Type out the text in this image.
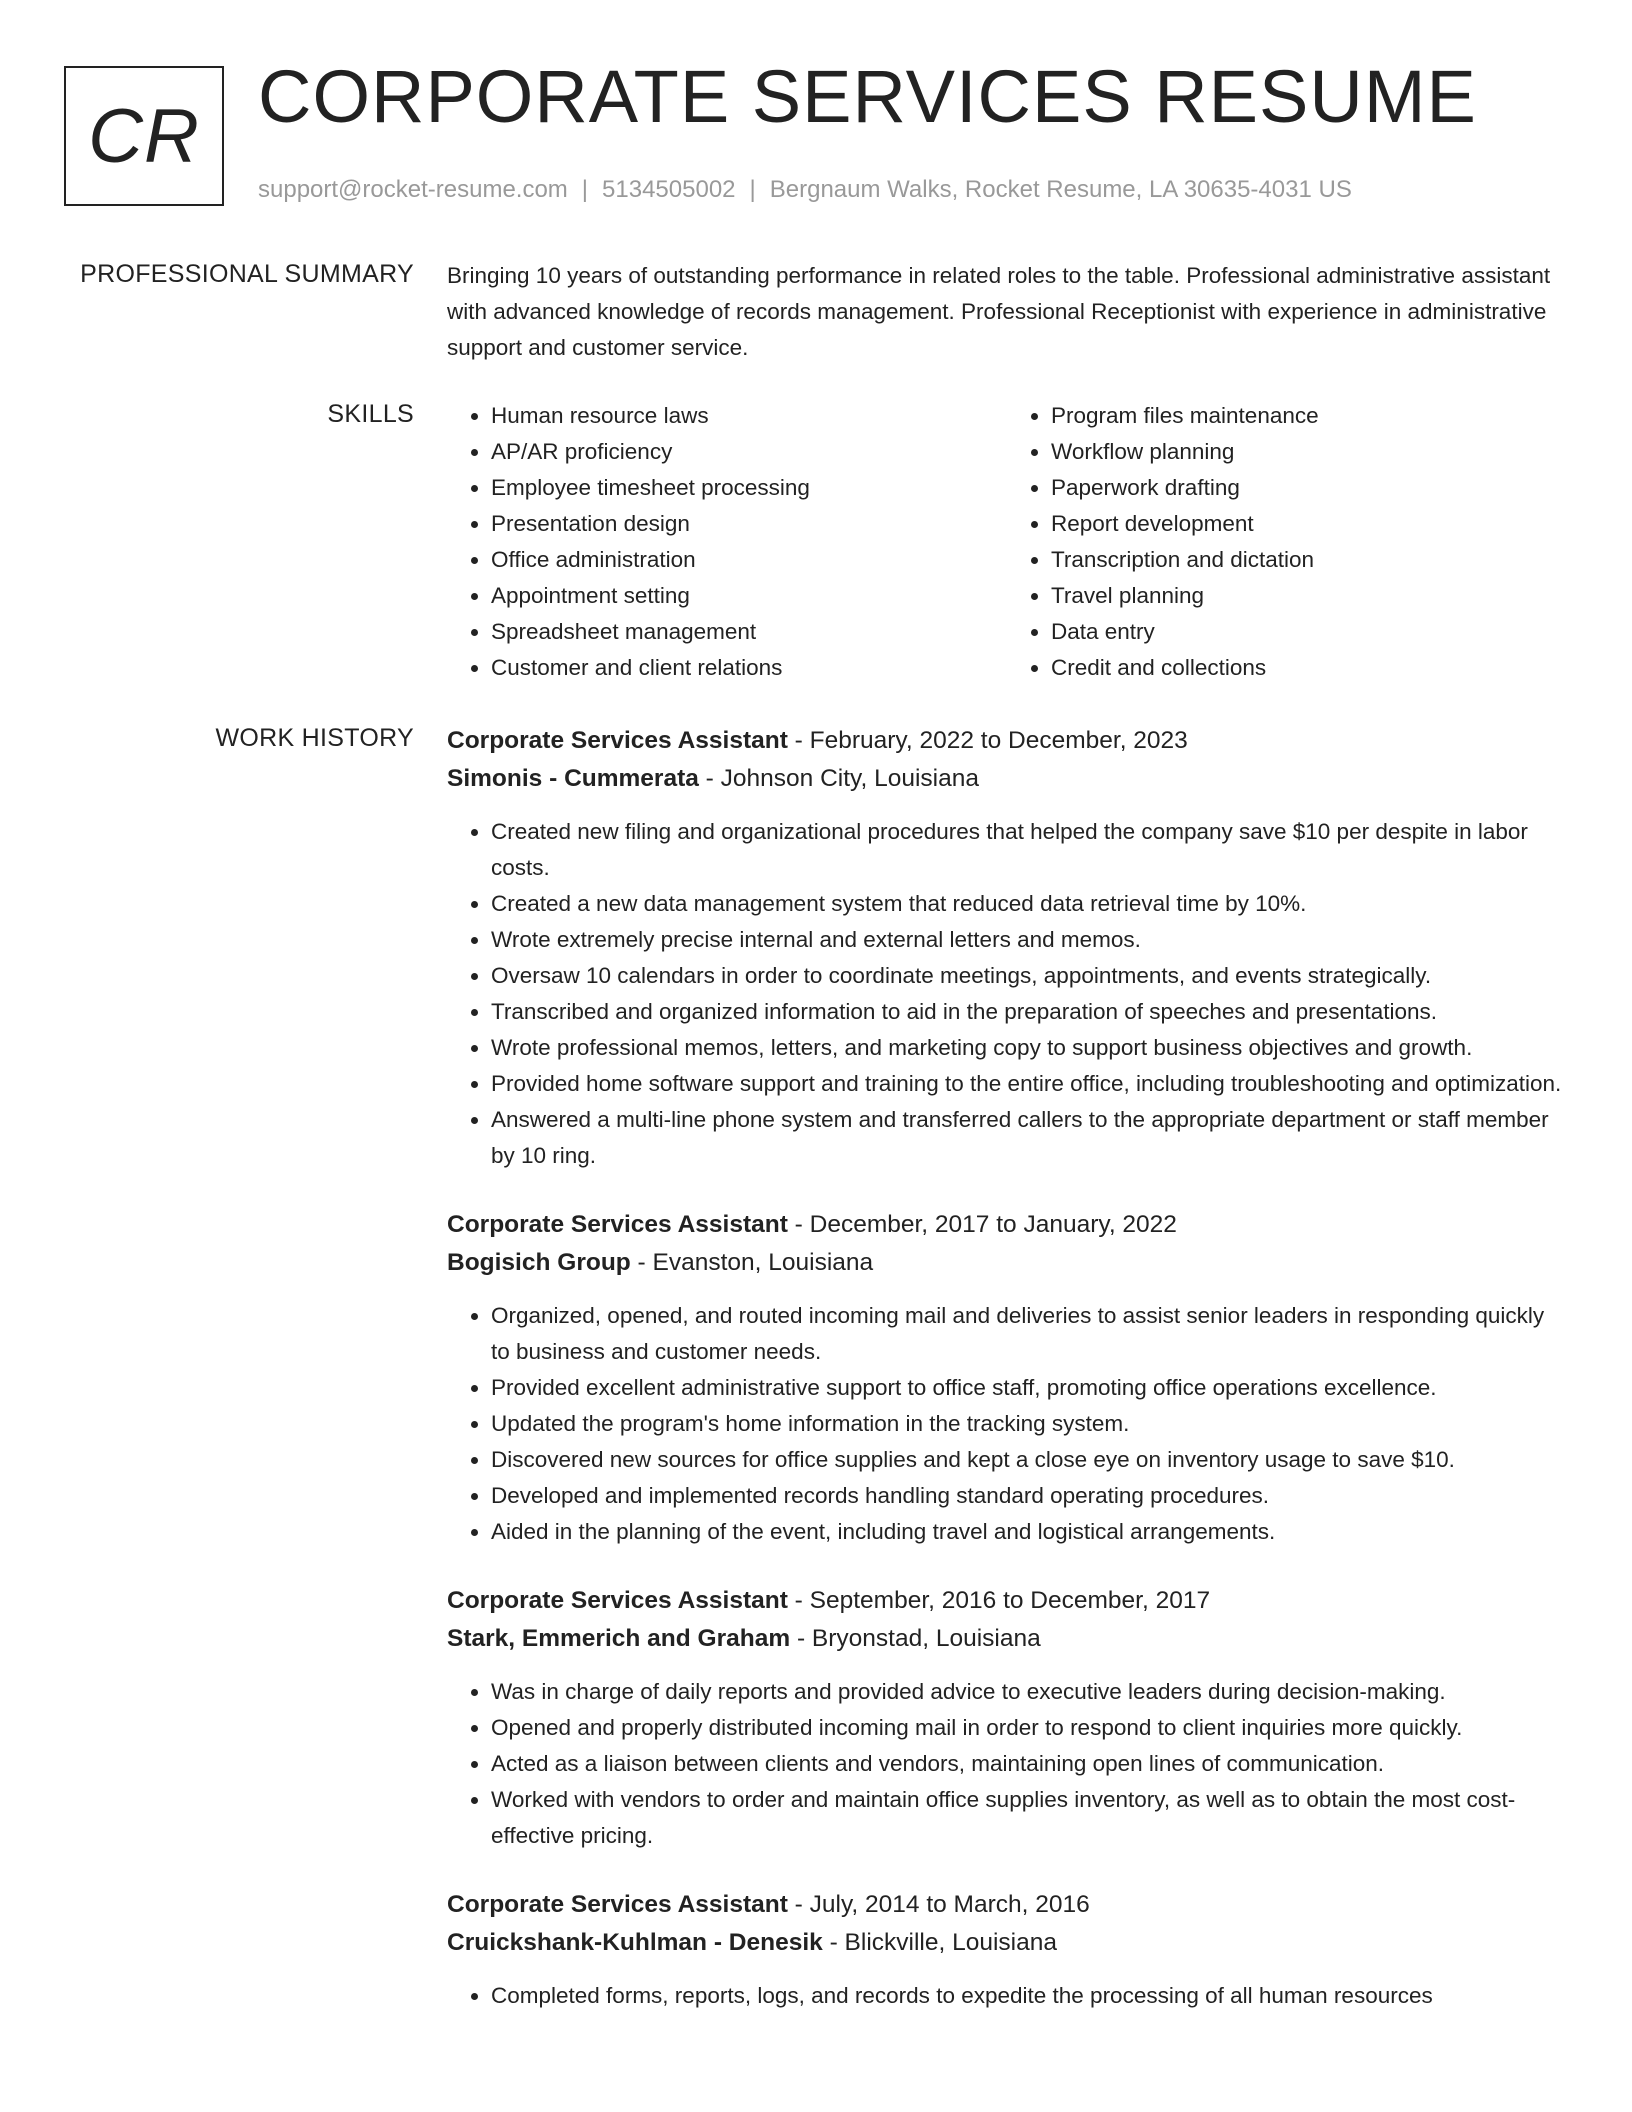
CR CORPORATE SERVICES RESUME
support@rocket-resume.com | 5134505002 | Bergnaum Walks, Rocket Resume, LA 30635-4031 US
PROFESSIONAL SUMMARY Bringing 10 years of outstanding performance in related roles to the table. Professional administrative assistant with advanced knowledge of records management. Professional Receptionist with experience in administrative support and customer service.
SKILLS
•	Human resource laws
• AP/AR proficiency
• Employee timesheet processing
• Presentation design
• Office administration
• Appointment setting
• Spreadsheet management
• Customer and client relations
• Program files maintenance
• Workflow planning
• Paperwork drafting
• Report development
• Transcription and dictation
• Travel planning
• Data entry
• Credit and collections
WORK HISTORY Corporate Services Assistant - February, 2022 to December, 2023
Simonis - Cummerata - Johnson City, Louisiana
• Created new filing and organizational procedures that helped the company save $10 per despite in labor costs.
• Created a new data management system that reduced data retrieval time by 10%.
• Wrote extremely precise internal and external letters and memos.
• Oversaw 10 calendars in order to coordinate meetings, appointments, and events strategically.
• Transcribed and organized information to aid in the preparation of speeches and presentations.
• Wrote professional memos, letters, and marketing copy to support business objectives and growth.
• Provided home software support and training to the entire office, including troubleshooting and optimization.
• Answered a multi-line phone system and transferred callers to the appropriate department or staff member by 10 ring.
Corporate Services Assistant - December, 2017 to January, 2022
Bogisich Group - Evanston, Louisiana
• Organized, opened, and routed incoming mail and deliveries to assist senior leaders in responding quickly to business and customer needs.
• Provided excellent administrative support to office staff, promoting office operations excellence.
• Updated the program's home information in the tracking system.
• Discovered new sources for office supplies and kept a close eye on inventory usage to save $10.
• Developed and implemented records handling standard operating procedures.
• Aided in the planning of the event, including travel and logistical arrangements.
Corporate Services Assistant - September, 2016 to December, 2017
Stark, Emmerich and Graham - Bryonstad, Louisiana
• Was in charge of daily reports and provided advice to executive leaders during decision-making.
• Opened and properly distributed incoming mail in order to respond to client inquiries more quickly.
• Acted as a liaison between clients and vendors, maintaining open lines of communication.
• Worked with vendors to order and maintain office supplies inventory, as well as to obtain the most cost-effective pricing.
Corporate Services Assistant - July, 2014 to March, 2016
Cruickshank-Kuhlman - Denesik - Blickville, Louisiana
• Completed forms, reports, logs, and records to expedite the processing of all human resources
